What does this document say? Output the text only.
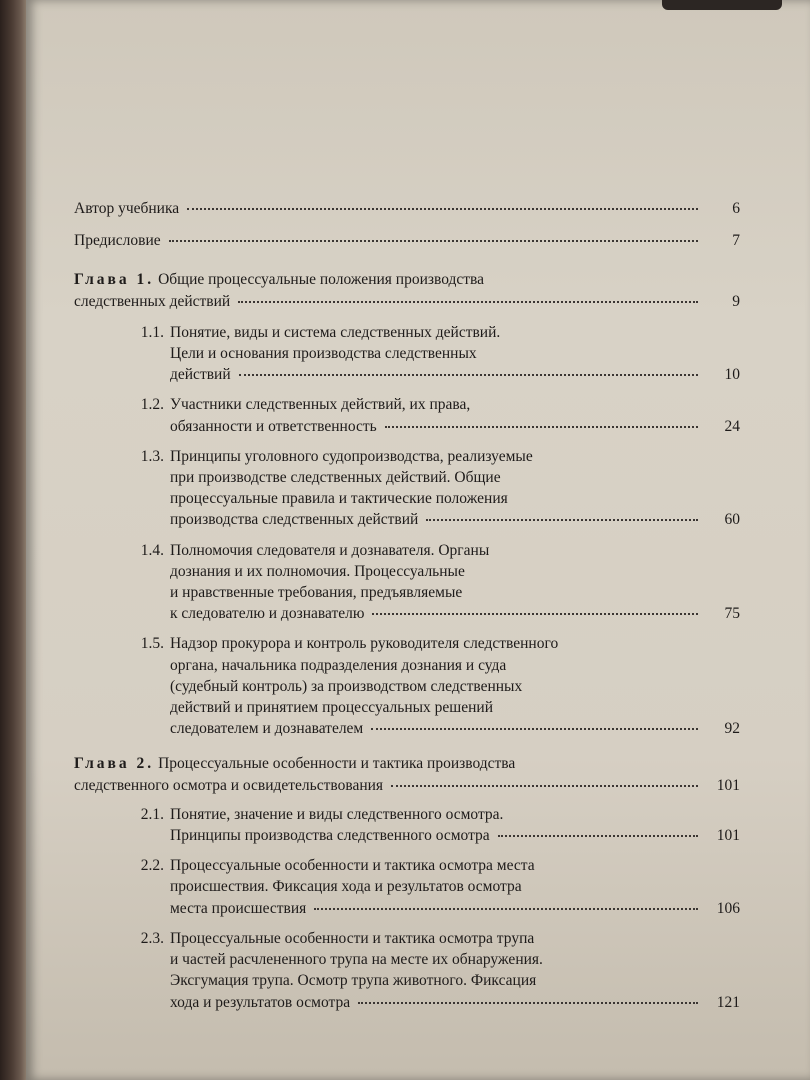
Автор учебника	6
Предисловие	7
Глава 1. Общие процессуальные положения производства
следственных действий	9
1.1. Понятие, виды и система следственных действий.
Цели и основания производства следственных
действий	10
1.2. Участники следственных действий, их права,
обязанности и ответственность	24
1.3. Принципы уголовного судопроизводства, реализуемые
при производстве следственных действий. Общие
процессуальные правила и тактические положения
производства следственных действий	60
1.4. Полномочия следователя и дознавателя. Органы
дознания и их полномочия. Процессуальные
и нравственные требования, предъявляемые
к следователю и дознавателю	75
1.5. Надзор прокурора и контроль руководителя следственного
органа, начальника подразделения дознания и суда
(судебный контроль) за производством следственных
действий и принятием процессуальных решений
следователем и дознавателем	92
Глава 2. Процессуальные особенности и тактика производства
следственного осмотра и освидетельствования	101
2.1. Понятие, значение и виды следственного осмотра.
Принципы производства следственного осмотра	101
2.2. Процессуальные особенности и тактика осмотра места
происшествия. Фиксация хода и результатов осмотра
места происшествия	106
2.3. Процессуальные особенности и тактика осмотра трупа
и частей расчлененного трупа на месте их обнаружения.
Эксгумация трупа. Осмотр трупа животного. Фиксация
хода и результатов осмотра	121
